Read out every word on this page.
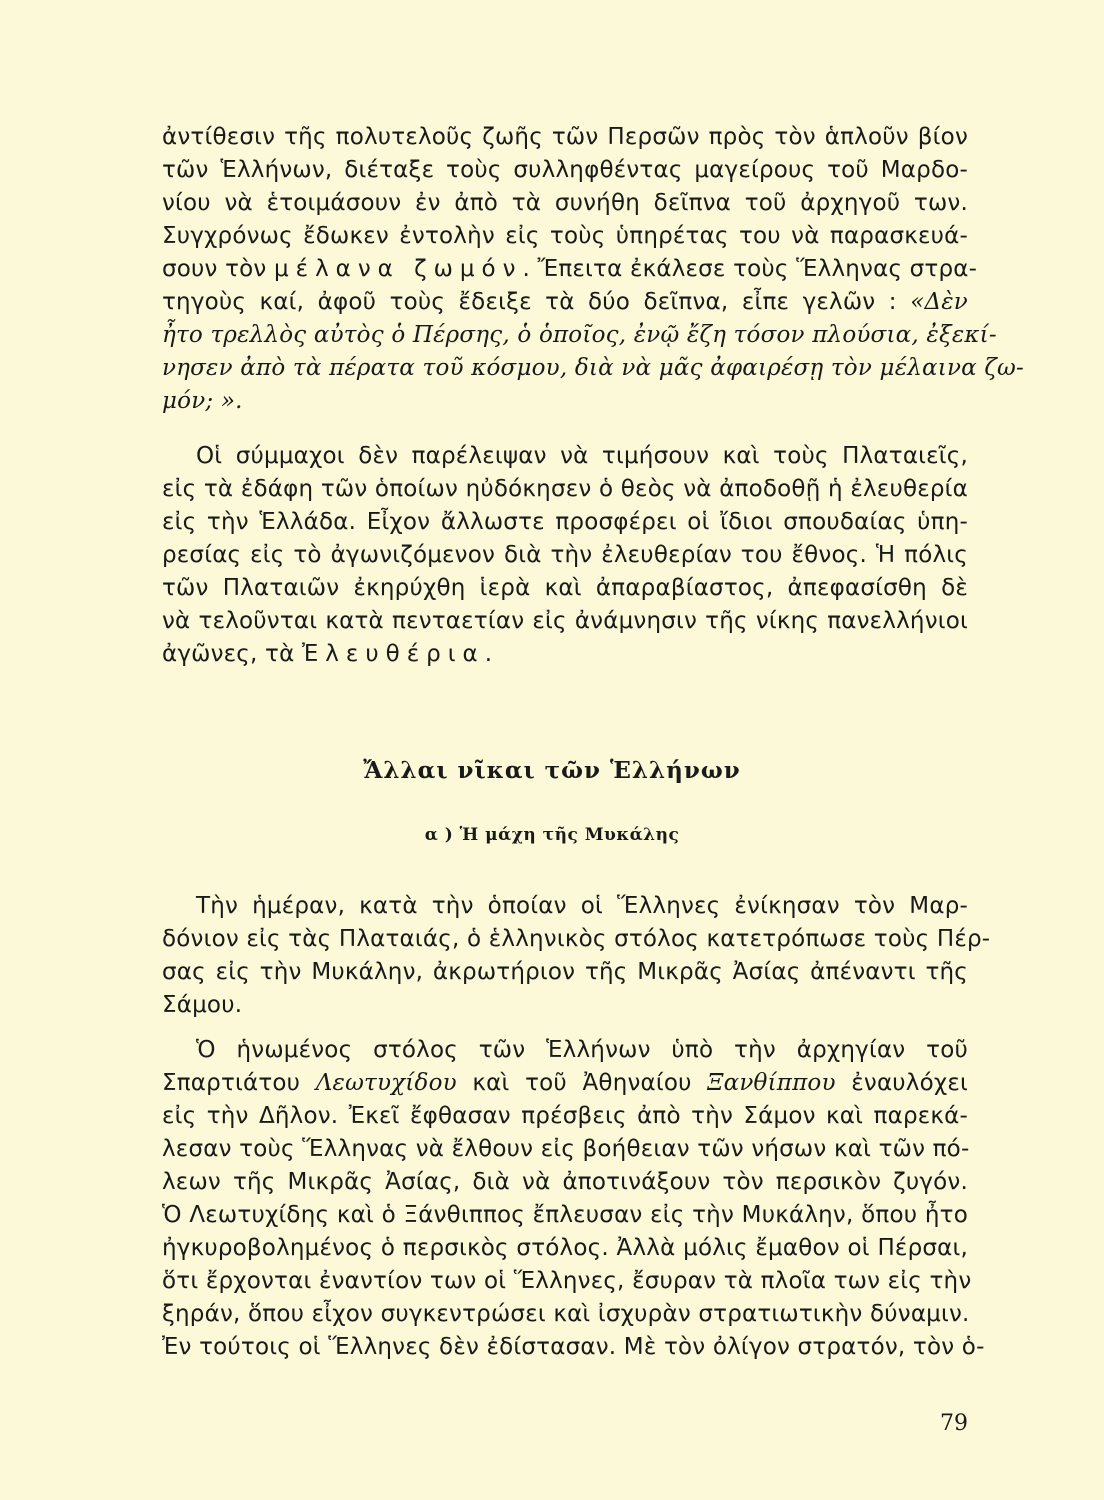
ἀντίθεσιν τῆς πολυτελοῦς ζωῆς τῶν Περσῶν πρὸς τὸν ἁπλοῦν βίον
τῶν Ἑλλήνων, διέταξε τοὺς συλληφθέντας μαγείρους τοῦ Μαρδο-
νίου νὰ ἑτοιμάσουν ἐν ἀπὸ τὰ συνήθη δεῖπνα τοῦ ἀρχηγοῦ των.
Συγχρόνως ἔδωκεν ἐντολὴν εἰς τοὺς ὑπηρέτας του νὰ παρασκευά-
σουν τὸν μέλανα ζωμόν. Ἔπειτα ἐκάλεσε τοὺς Ἕλληνας στρα-
τηγοὺς καί, ἀφοῦ τοὺς ἔδειξε τὰ δύο δεῖπνα, εἶπε γελῶν : «Δὲν
ἦτο τρελλὸς αὐτὸς ὁ Πέρσης, ὁ ὁποῖος, ἐνῷ ἔζη τόσον πλούσια, ἐξεκί-
νησεν ἀπὸ τὰ πέρατα τοῦ κόσμου, διὰ νὰ μᾶς ἀφαιρέσῃ τὸν μέλαινα ζω-
μόν; ».
Οἱ σύμμαχοι δὲν παρέλειψαν νὰ τιμήσουν καὶ τοὺς Πλαταιεῖς,
εἰς τὰ ἐδάφη τῶν ὁποίων ηὐδόκησεν ὁ θεὸς νὰ ἀποδοθῇ ἡ ἐλευθερία
εἰς τὴν Ἑλλάδα. Εἶχον ἄλλωστε προσφέρει οἱ ἴδιοι σπουδαίας ὑπη-
ρεσίας εἰς τὸ ἀγωνιζόμενον διὰ τὴν ἐλευθερίαν του ἔθνος. Ἡ πόλις
τῶν Πλαταιῶν ἐκηρύχθη ἱερὰ καὶ ἀπαραβίαστος, ἀπεφασίσθη δὲ
νὰ τελοῦνται κατὰ πενταετίαν εἰς ἀνάμνησιν τῆς νίκης πανελλήνιοι
ἀγῶνες, τὰ Ἐλευθέρια.
Ἄλλαι νῖκαι τῶν Ἑλλήνων
α ) Ἡ μάχη τῆς Μυκάλης
Τὴν ἡμέραν, κατὰ τὴν ὁποίαν οἱ Ἕλληνες ἐνίκησαν τὸν Μαρ-
δόνιον εἰς τὰς Πλαταιάς, ὁ ἑλληνικὸς στόλος κατετρόπωσε τοὺς Πέρ-
σας εἰς τὴν Μυκάλην, ἀκρωτήριον τῆς Μικρᾶς Ἀσίας ἀπέναντι τῆς
Σάμου.
Ὁ ἡνωμένος στόλος τῶν Ἑλλήνων ὑπὸ τὴν ἀρχηγίαν τοῦ
Σπαρτιάτου Λεωτυχίδου καὶ τοῦ Ἀθηναίου Ξανθίππου ἐναυλόχει
εἰς τὴν Δῆλον. Ἐκεῖ ἔφθασαν πρέσβεις ἀπὸ τὴν Σάμον καὶ παρεκά-
λεσαν τοὺς Ἕλληνας νὰ ἔλθουν εἰς βοήθειαν τῶν νήσων καὶ τῶν πό-
λεων τῆς Μικρᾶς Ἀσίας, διὰ νὰ ἀποτινάξουν τὸν περσικὸν ζυγόν.
Ὁ Λεωτυχίδης καὶ ὁ Ξάνθιππος ἔπλευσαν εἰς τὴν Μυκάλην, ὅπου ἦτο
ἠγκυροβολημένος ὁ περσικὸς στόλος. Ἀλλὰ μόλις ἔμαθον οἱ Πέρσαι,
ὅτι ἔρχονται ἐναντίον των οἱ Ἕλληνες, ἔσυραν τὰ πλοῖα των εἰς τὴν
ξηράν, ὅπου εἶχον συγκεντρώσει καὶ ἰσχυρὰν στρατιωτικὴν δύναμιν.
Ἐν τούτοις οἱ Ἕλληνες δὲν ἐδίστασαν. Μὲ τὸν ὀλίγον στρατόν, τὸν ὁ-
79
